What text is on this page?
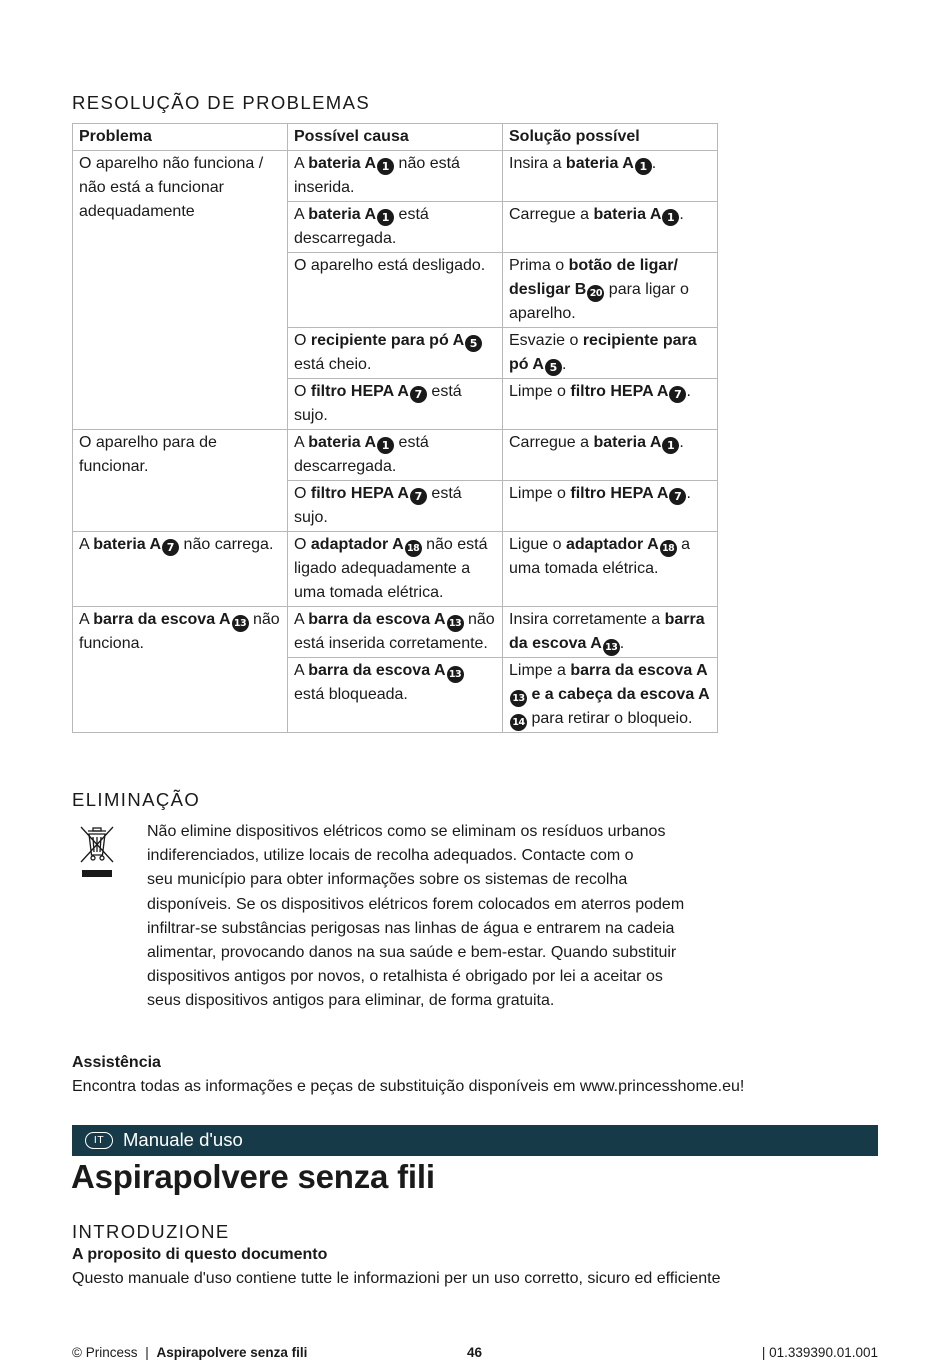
RESOLUÇÃO DE PROBLEMAS
Problema	Possível causa	Solução possível
O aparelho não funciona / não está a funcionar adequadamente	A bateria A 1 não está inserida.	Insira a bateria A 1 .
	A bateria A 1 está descarregada.	Carregue a bateria A 1 .
	O aparelho está desligado.	Prima o botão de ligar/ desligar B 20 para ligar o aparelho.
	O recipiente para pó A 5 está cheio.	Esvazie o recipiente para pó A 5 .
	O filtro HEPA A 7 está sujo.	Limpe o filtro HEPA A 7 .
O aparelho para de funcionar.	A bateria A 1 está descarregada.	Carregue a bateria A 1 .
	O filtro HEPA A 7 está sujo.	Limpe o filtro HEPA A 7 .
A bateria A 7 não carrega.	O adaptador A 18 não está ligado adequadamente a uma tomada elétrica.	Ligue o adaptador A 18 a uma tomada elétrica.
A barra da escova A 13 não funciona.	A barra da escova A 13 não está inserida corretamente.	Insira corretamente a barra da escova A 13 .
	A barra da escova A 13 está bloqueada.	Limpe a barra da escova A13 e a cabeça da escova A14 para retirar o bloqueio.
ELIMINAÇÃO
Não elimine dispositivos elétricos como se eliminam os resíduos urbanos
indiferenciados, utilize locais de recolha adequados. Contacte com o
seu município para obter informações sobre os sistemas de recolha
disponíveis. Se os dispositivos elétricos forem colocados em aterros podem
infiltrar-se substâncias perigosas nas linhas de água e entrarem na cadeia
alimentar, provocando danos na sua saúde e bem-estar. Quando substituir
dispositivos antigos por novos, o retalhista é obrigado por lei a aceitar os
seus dispositivos antigos para eliminar, de forma gratuita.
Assistência
Encontra todas as informações e peças de substituição disponíveis em www.princesshome.eu!
IT	Manuale d'uso
Aspirapolvere senza fili
INTRODUZIONE
A proposito di questo documento
Questo manuale d'uso contiene tutte le informazioni per un uso corretto, sicuro ed efficiente
© Princess | Aspirapolvere senza fili	46	| 01.339390.01.001
